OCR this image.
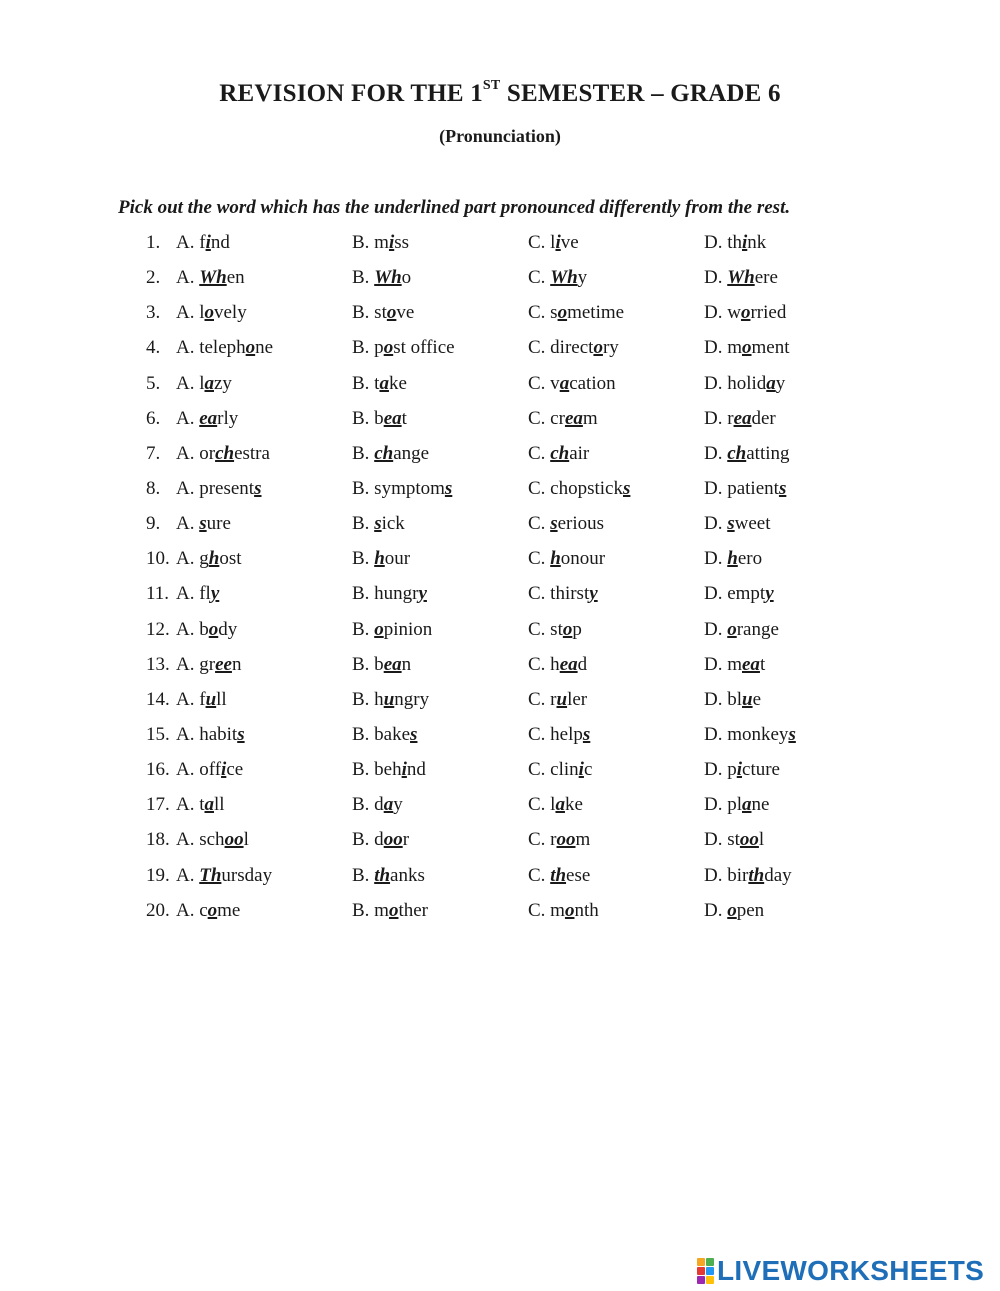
REVISION FOR THE 1ST SEMESTER – GRADE 6
(Pronunciation)
Pick out the word which has the underlined part pronounced differently from the rest.
1. A. find	B. miss	C. live	D. think
2. A. When	B. Who	C. Why	D. Where
3. A. lovely	B. stove	C. sometime	D. worried
4. A. telephone	B. post office	C. directory	D. moment
5. A. lazy	B. take	C. vacation	D. holiday
6. A. early	B. beat	C. cream	D. reader
7. A. orchestra	B. change	C. chair	D. chatting
8. A. presents	B. symptoms	C. chopsticks	D. patients
9. A. sure	B. sick	C. serious	D. sweet
10. A. ghost	B. hour	C. honour	D. hero
11. A. fly	B. hungry	C. thirsty	D. empty
12. A. body	B. opinion	C. stop	D. orange
13. A. green	B. bean	C. head	D. meat
14. A. full	B. hungry	C. ruler	D. blue
15. A. habits	B. bakes	C. helps	D. monkeys
16. A. office	B. behind	C. clinic	D. picture
17. A. tall	B. day	C. lake	D. plane
18. A. school	B. door	C. room	D. stool
19. A. Thursday	B. thanks	C. these	D. birthday
20. A. come	B. mother	C. month	D. open
LIVEWORKSHEETS
